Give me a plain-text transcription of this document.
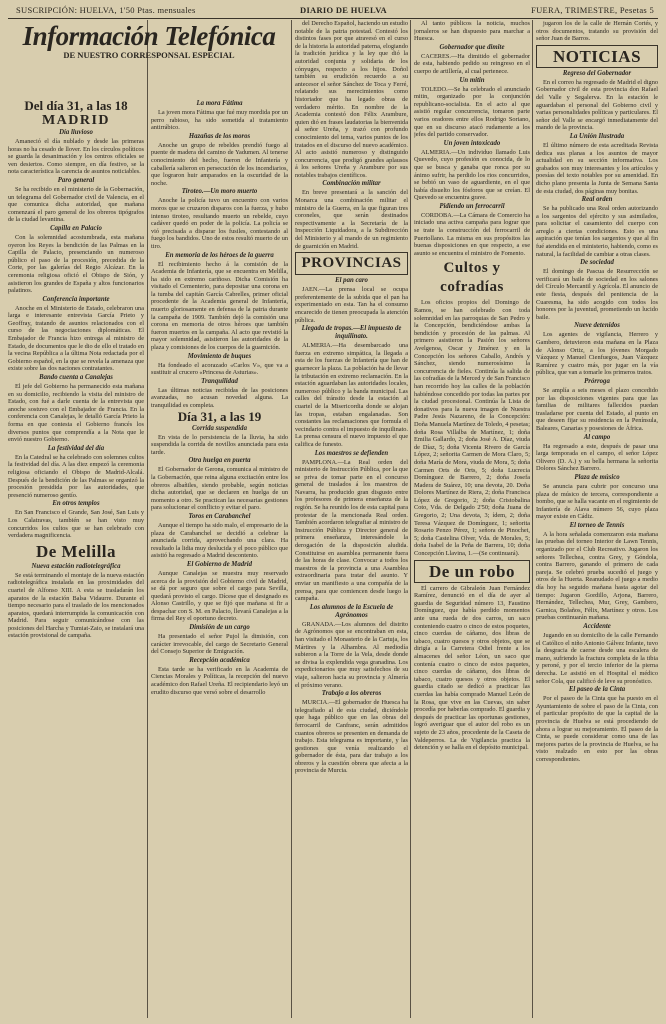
SUSCRIPCIÓN: HUELVA, 1'50 Ptas. mensuales	DIARIO DE HUELVA	FUERA, TRIMESTRE, Pesetas 5
Información Telefónica
DE NUESTRO CORRESPONSAL ESPECIAL
Del día 31, a las 18
MADRID
Día lluvioso

Amaneció el día nublado y desde las primeras horas no ha cesado de llover. En los círculos políticos se guarda la desanimación y los centros oficiales se ven desiertos. Como siempre, en día festivo, se la nota característica la carencia de asuntos noticiables.

Paro general

Se ha recibido en el ministerio de la Gobernación, un telegrama del Gobernador civil de Valencia, en el que comunica dicha autoridad, que mañana comenzará el paro general de los obreros tipógrafos de la ciudad levantina.

Capilla en Palacio

Con la solemnidad acostumbrada, esta mañana oyeron los Reyes la bendición de las Palmas en la Capilla de Palacio, presenciando un numeroso público el paso de la procesión, precedida de la Corte, por las galerías del Regio Alcázar. En la ceremonia religiosa ofició el Obispo de Sión, y asistieron los grandes de España y altos funcionarios palatinos.

Conferencia importante

Anoche en el Ministerio de Estado, celebraron una larga e interesante entrevista García Prieto y Geoffray, tratando de asuntos relacionados con el curso de las negociaciones diplomáticas. El Embajador de Francia hizo entrega al ministro de Estado, de documentos que le dio de ello el tratado en la vecina República a la última Nota redactada por el Gobierno español, en la que se revela la amenaza que existe sobre las dos naciones contratantes.

Bando cuenta a Canalejas

El jefe del Gobierno ha permanecido esta mañana en su domicilio, recibiendo la visita del ministro de Estado, con fué a darle cuenta de la entrevista que anoche sostuvo con el Embajador de Francia. En la conferencia con Canalejas, le detalló García Prieto la forma en que contesta el Gobierno francés los diversos puntos que comprendía a la Nota que le envió nuestro Gobierno.

La festividad del día

En la Catedral se ha celebrado con solemnes cultos la festividad del día. A las diez empezó la ceremonia religiosa oficiando el Obispo de Madrid-Alcalá. Después de la bendición de las Palmas se organizó la procesión presidida por las autoridades, que presenció numeroso gentío.

En otros templos

En San Francisco el Grande, San José, San Luis y Los Calatravas, también se han visto muy concurridos los cultos que se han celebrado con verdadera magnificencia.

De Melilla
Nueva estación radiotelegráfica

Se está terminando el montaje de la nueva estación radiotelegráfica instalada en las proximidades del cuartel de Alfonso XIII. A esta se trasladarán los aparatos de la estación Balsa Vidaurre. Durante el tiempo necesario para el traslado de los mencionados aparatos, quedará interrumpida la comunicación con Madrid. Para seguir comunicándose con las posiciones del Harcha y Tumiat-Zaio, se instalará una estación provisional de campaña.

La mora Fátima

La joven mora Fátima que fué muy mordida por un perro rabioso, ha sido sometida al tratamiento antirrábico.

Hazañas de los moros

Anoche un grupo de rebeldes prendió fuego al puente de madera del camino de Yadumen. Al tenerse conocimiento del hecho, fueron de Infantería y caballería salieron en persecución de los incendiarios, que lograron huir amparados en la oscuridad de la noche.

Tiroteo.—Un moro muerto

Anoche la policía tuvo un encuentro con varios moros que se cruzaron disparos con la fuerza, y hubo intenso tiroteo, resultando muerto un rebelde, cuyo cadáver quedó en poder de la policía. La policía se vió precisada a disparar los fusiles, contestando al fuego los bandidos. Uno de estos resultó muerto de un tiro.

En memoria de los héroes de la guerra

El recibimiento hecho á la comisión de la Academia de Infantería, que se encuentra en Melilla, ha sido en extremo cariñoso. Dicha Comisión ha visitado el Cementerio, para depositar una corona en la tumba del capitán García Cabrelles, primer oficial procedente de la Academia general de Infantería, muerto gloriosamente en defensa de la patria durante la campaña de 1909. También dejó la comisión una corona en memoria de otros héroes que también fueron muertos en la campaña. Al acto que revistió la mayor solemnidad, asistieron las autoridades de la plaza y comisiones de los cuerpos de la guarnición.

Movimiento de buques

Ha fondeado el acorazado «Carlos V», que va a sustituir al crucero «Princesa de Asturias».

Tranquilidad

Las últimas noticias recibidas de las posiciones avanzadas, no acusan novedad alguna. La tranquilidad es completa.

Día 31, a las 19
Corrida suspendida

En vista de lo persistencia de la lluvia, ha sido suspendida la corrida de novillos anunciada para esta tarde.

Otra huelga en puerta

El Gobernador de Gerona, comunica al ministro de la Gobernación, que reina alguna excitación entre los obreros albañiles, siendo probable, según noticias dicha autoridad, que se declaren en huelga de un momento a otro. Se practican las necesarias gestiones para solucionar el conflicto y evitar el paro.

Toros en Carabanchel

Aunque el tiempo ha sido malo, el empresario de la plaza de Carabanchel se decidió a celebrar la anunciada corrida, aprovechando una clara. Ha resultado la lidia muy deslucida y el poco público que asistió ha regresado a Madrid descontento.

El Gobierno de Madrid

Aunque Canalejas se muestra muy reservado acerca de la provisión del Gobierno civil de Madrid, se dá por seguro que sobre el cargo para Sevilla, quedará provisto el cargo. Dícese que el designado es Alonso Castrillo, y que se fijó que mañana si fir a despachar con S. M. en Palacio, llevará Canalejas a la firma del Rey el oportuno decreto.

Dimisión de un cargo

Ha presentado el señor Pujol la dimisión, con carácter irrevocable, del cargo de Secretario General del Consejo Superior de Emigración.

Recepción académica

Esta tarde se ha verificado en la Academia de Ciencias Morales y Políticas, la recepción del nuevo académico don Rafael Ureña. El recipiendario leyó un erudito discurso que versó sobre el desarrollo

del Derecho Español, haciendo un estudio notable de la patria potestad. Contestó los distintos fases por que atravesó en el curso de la historia la autoridad paterna, elogiando la tradición jurídica y la ley que dió la autoridad conjunta y solidaria de los cónyuges, respecto a los hijos. Doñol también su erudición recuerdo a su antecesor el señor Sánchez de Toca y Ferré, relatando sus merecimientos como historiador que ha legado obras de verdadero mérito. En nombre de la Academia contestó don Félix Arambure, quien dió en frases laudatorias la bienvenida al señor Ureña, y trazó con profundo conocimiento del tema, varios puntos de los tratados en el discurso del nuevo académico. Al acto asistió numeroso y distinguido concurrencia, que prodigó grandes aplausos á los señores Ureña y Arambure por sus notables trabajos científicos.

Combinación militar

En breve presentará a la sanción del Monarca una combinación militar el ministro de la Guerra, en la que figuran tres coroneles, que serán destinados respectivamente a la Secretaría de la Inspección Liquidadora, a la Subdirección del Ministerio y al mando de un regimiento de guarnición en Madrid.

PROVINCIAS
El pan caro

JAEN.—La prensa local se ocupa preferentemente de la subida que el pan ha experimentado en esta. Tan ha el consumo encarecido de tienen preocupada la atención pública.

Llegada de tropas.—El impuesto de inquilinato.

ALMERIA.—Ha desembarcado una fuerza en extremo simpática, la llegada a esta de los fuerzas de Infantería que han de guarnecer la plaza. La población ha de llevar la tributación en extremo reclamación. En la estación aguardaban las autoridades locales, numeroso público y la banda municipal. Las calles del tránsito desde la estación al cuartel de la Misericordia donde se alojan las tropas, estaban engalanadas. Son constantes las reclamaciones que formula el vecindario contra el impuesto de inquilinato. La prensa censura el nuevo impuesto el que califica de funesto.

Los maestros se defienden

PAMPLONA.—La Real orden del ministerio de Instrucción Pública, por la que se priva de tomar parte en el concurso general de traslados á los maestros de Navarra, ha producido gran disgusto entre los profesores de primera enseñanza de la región. Se ha reunido los de esta capital para protestar de la mencionada Real orden. También acordaron telegrafiar al ministro de Instrucción Pública y Director general de primera enseñanza, interesándole la derogación de la disposición aludida. Constituirse en asamblea permanente fuera de las horas de clase. Convocar a todos los maestros de la provincia a una Asamblea extraordinaria para tratar del asunto. Y enviar un manifiesto a una compañía de la prensa, para que comiencen desde luego la campaña.

Los alumnos de la Escuela de Agrónomos

GRANADA.—Los alumnos del distrito de Agrónomos que se encontraban en esta, han visitado el Monasterio de la Cartuja, los Mártires y la Alhambra. Al mediodía subieron a la Torre de la Vela, desde donde se divisa la explendida vega granadina. Los expedicionarios que muy satisfechos de su viaje, salieron hacia su provincia y Almería el próximo verano.

Trabajo a los obreros

MURCIA.—El gobernador de Huesca ha telegrafiado al de esta ciudad, diciéndole que haga público que en las obras del ferrocarril de Canfranc, serán admitidos cuantos obreros se presenten en demanda de trabajo. Esta telegrama es importante, y las gestiones que venía realizando el gobernador de ésta, para dar trabajo a los obreros y la cuestión obrera que afecta a la provincia de Murcia.

Al tanto públicos la noticia, muchos jornaleros se han dispuesto para marchar a Huesca.

Gobernador que dimite

CACERES.—Ha dimitido el gobernador de esta, habiendo pedido su reingreso en el cuerpo de artillería, al cual pertenece.

Un mitin

TOLEDO.—Se ha celebrado el anunciado mitin, organizado por la conjunción republicano-socialista. En el acto al que asistió regular concurrencia, tomaron parte varios oradores entre ellos Rodrigo Soriano, que en su discurso atacó rudamente a los jefes del partido conservador.

Un joven intoxicado

ALMERIA.—Un individuo llamado Luis Quevedo, cuyo profesión es conocida, de lo que se busca y ganaba que ronca por su ánimo sufrir, ha perdido los rios concurridos, se bebió un vaso de aguardiente, en el que había disuelto los fósforos que se creían. El Quevedo se encuentra grave.

Pidiendo un ferrocarril

CORDOBA.—La Cámara de Comercio ha iniciado una activa campaña para lograr que se trate la construcción del ferrocarril de Puertollano. La misma en sus propósitos las buenas disposiciones en que respecto, a ese asunto se encuentra el ministro de Fomento.

Cultos y cofradías

Los oficios propios del Domingo de Ramos, se han celebrado con toda solemnidad en las parroquias de San Pedro y la Concepción, bendiciéndose ambas la bendición y procesión de las palmas. Al primero asistieron la Pasión los señores Avelgenoa, Oscar y Jiménez y en la Concepción los señores Caballo, Andrés y Sánchez, siendo numerosísimo la concurrencia de fieles. Continúa la salida de las cofradías de la Merced y de San Francisco han recorrido hoy las calles de la población habiéndose concedido por todas las partes por la ciudad procesional. Continúa la Lista de donativos para la nueva imagen de Nuestra Padre Jesús Nazareno, de la Concepción: Doña Manuela Martínez de Toledo, 4 pesetas; doña Rosa Villalba de Martínez, 1; doña Emilia Gallardo, 2; doña José A. Díaz, viuda de Díaz, 5; doña Vicenta Rivero de García López, 2; señorita Carmen de Mora Claro, 5; doña María de Mora, viuda de Mora, 5; doña Carmen Orts de Orts, 5; doña Lucrecia Domínguez de Barrero, 2; doña Josefa Madera de Suárez, 10; una devota, 20. Doña Dolores Martínez de Riera, 2; doña Francisca López de Gregorio, 2; doña Cristobalina Coto, Vda. de Delgado 2'50; doña Juana de Gregorio, 2; Una devota, 3; ídem, 2; doña Teresa Vázquez de Domínguez, 1; señorita Rosario Penzo Pérez, 1; señora de Pinochet, 5; doña Castelina Olver, Vda. de Morales, 5; doña Isabel de la Peña de Barrera, 10; doña Concepción Llavina, 1.—(Se continuará).

De un robo

El carrero de Gibraleón Juan Fernández Ramírez, denunció en el día de ayer al guardia de Seguridad número 13, Faustino Domínguez, que había perdido momentos ante una rueda de dos carros, un saco conteniendo cuatro o cinco de estos poquetes, cinco cuerdas de cáñamo, dos libras de tabaco, cuatro quesos y otros objetos, que se dirigía a la Carretera Odiel frente a los almacenes del señor Léon, un saco que contenía cuatro o cinco de estos paquetes, cinco cuerdas de cáñamo, dos libras de tabaco, cuatro quesos y otros objetos. El guardia citado se dedicó a practicar las cuerdas las había comprado Manuel León de la Rosa, que vive en las Cuevas, sin saber procedía por haberlas comprado. El guardia y después de practicar las oportunas gestiones, logró averiguar que el autor del robo es un sujeto de 23 años, procedente de la Caseta de Valdeperros. La de Vigilancia practica la detención y se halla en el depósito municipal.

jugaron los de la calle de Hernán Cortés, y otros documentos, tratando su provisión del señor Juan de Barros.

NOTICIAS
Regreso del Gobernador

En el correo ha regresado de Madrid el digno Gobernador civil de esta provincia don Rafael del Valle y Segalerva. En la estación le aguardaban el personal del Gobierno civil y varias personalidades políticas y particulares. El señor del Valle se encargó inmediatamente del mando de la provincia.

La Unión Ilustrada

El último número de esta acreditada Revista dedica sus planas a los asuntos de mayor actualidad en su sección informativa. Los grabados son muy interesantes y los artículos y poesías del texto notables por su amenidad. En dicho plano presenta la Junta de Semana Santa de esta ciudad, dos páginas muy bonitas.

Real orden

Se ha publicado una Real orden autorizando a los sargentos del ejército y sus asimilados, para solicitar el casamiento del cuerpo con arreglo a ciertas condiciones. Esto es una aspiración que tenían los sargentos y que al fin fué atendida en el ministerio, habiendo, como es natural, la facilidad de cambiar a otras clases.

De sociedad

El domingo de Pascua de Resurrección se verificará un baile de sociedad en los salones del Círculo Mercantil y Agrícola. El anuncio de este fiesta, después del penitencia de la Cuaresma, ha sido acogido con todos los honores por la juventud, prometiendo un lucido baile.

Nueve detenidos

Los agentes de vigilancia, Herrero y Gambero, detuvieron esta mañana en la Plaza de Alonso Ortiz, a los jóvenes Morgado Vázquez y Manuel Cienfuegos, Juan Vázquez Ramírez y cuatro más, por jugar en la vía pública, que van a tomarle los primeros tratos.

Prórroga

Se amplía a seis meses el plazo concedido por las disposiciones vigentes para que las familias de militares fallecidos puedan trasladarse por cuenta del Estado, al punto en que deseen fijar su residencia en la Península, Baleares, Canarias y posesiones de África.

Al campo

Ha regresado a este, después de pasar una larga temporada en el campo, el señor López Olivero (D. A.) y su bella hermana la señorita Dolores Sánchez Barrero.

Plaza de músico

Se anuncia para cubrir por concurso una plaza de músico de tercera, correspondiente a bombo, que se halla vacante en el regimiento de Infantería de Alava número 56, cuyo plaza mayor existe en Cádiz.

El torneo de Tennis

A la hora señalada comenzaron esta mañana las pruebas del torneo Interior de Lawn Tennis, organizado por el Club Recreativo. Jugaron los señores Tellechea, contra Grey, y Góndola, contra Barrero, ganando el primero de cada pareja. Se celebró prueba sucedió el juego y otros de la Huerta. Reanudado el juego a medio día hoy ha seguido mañana hasta agotar del tiempo: Jugaron Gordillo, Arjona, Barrero, Hernández, Tellechea, Mur, Grey, Gambero, Garnica, Bolaños, Félix, Martínez y otros. Los pruebas continuarán mañana.

Accidente

Jugando en su domicilio de la calle Fernando el Católico el niño Antonio Gálvez Infante, tuvo la desgracia de caerse desde una escalera de mano, sufriendo la fractura completa de la tibia y peroné, y por el tercio inferior de la pierna derecha. Le asistió en el Hospital el médico señor Cola, que calificó de leve su pronóstico.

El paseo de la Cinta

Por el paseo de la Cinta que ha puesto en el Ayuntamiento de sobre el paso de la Cinta, con el particular propósito de que la capital de la provincia de Huelva se está procediendo de ahora a lograr su mejoramiento. El paseo de la Cinta, se puede considerar como una de las mejores partes de la provincia de Huelva, se ha visto realzado en esto por las obras correspondientes.
